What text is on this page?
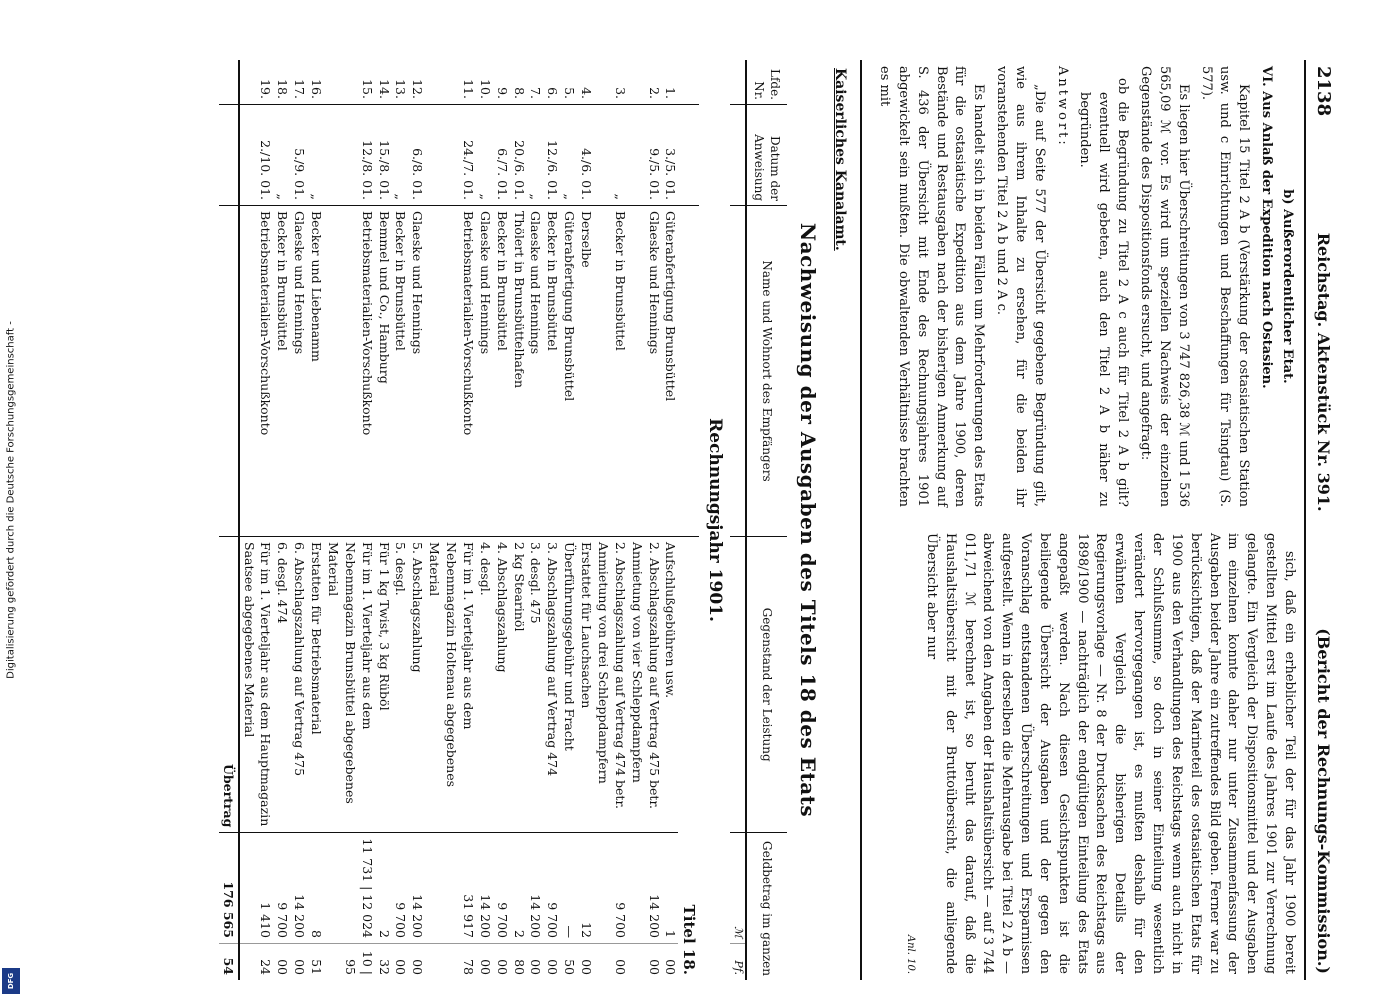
Digitalisierung gefördert durch die Deutsche Forschungsgemeinschaft -
DFG
2138
Reichstag. Aktenstück Nr. 391.
(Bericht der Rechnungs-Kommission.)
b) Außerordentlicher Etat.

VI. Aus Anlaß der Expedition nach Ostasien.

Kapitel 15 Titel 2 A b (Verstärkung der ostasiatischen Station usw. und c Einrichtungen und Beschaffungen für Tsingtau) (S. 577).

Es liegen hier Überschreitungen von 3 747 826,38 ℳ und 1 536 565,09 ℳ vor. Es wird um speziellen Nachweis der einzelnen Gegenstände des Dispositionsfonds ersucht, und angefragt:

ob die Begründung zu Titel 2 A c auch für Titel 2 A b gilt? eventuell wird gebeten, auch den Titel 2 A b näher zu begründen.

Antwort:

„Die auf Seite 577 der Übersicht gegebene Begründung gilt, wie aus ihrem Inhalte zu ersehen, für die beiden ihr voranstehenden Titel 2 A b und 2 A c.

Es handelt sich in beiden Fällen um Mehrforderungen des Etats für die ostasiatische Expedition aus dem Jahre 1900, deren Bestände und Restausgaben nach der bisherigen Anmerkung auf S. 436 der Übersicht mit Ende des Rechnungsjahres 1901 abgewickelt sein mußten. Die obwaltenden Verhältnisse brachten es mit

sich, daß ein erheblicher Teil der für das Jahr 1900 bereit gestellten Mittel erst im Laufe des Jahres 1901 zur Verrechnung gelangte. Ein Vergleich der Dispositionsmittel und der Ausgaben im einzelnen konnte daher nur unter Zusammenfassung der Ausgaben beider Jahre ein zutreffendes Bild geben. Ferner war zu berücksichtigen, daß der Marineteil des ostasiatischen Etats für 1900 aus den Verhandlungen des Reichstags wenn auch nicht in der Schlußsumme, so doch in seiner Einteilung wesentlich verändert hervorgegangen ist, es mußten deshalb für den erwähnten Vergleich die bisherigen Detaills der Regierungsvorlage — Nr. 8 der Drucksachen des Reichstags aus 1898/1900 — nachträglich der endgültigen Einteilung des Etats angepaßt werden. Nach diesen Gesichtspunkten ist die beiliegende Übersicht der Ausgaben und der gegen den Voranschlag entstandenen Überschreitungen und Ersparnissen aufgestellt. Wenn in derselben die Mehrausgabe bei Titel 2 A b — abweichend von den Angaben der Haushaltsübersicht — auf 3 744 011,71 ℳ berechnet ist, so beruht das darauf, daß die Haushaltsübersicht mit der Bruttoübersicht, die anliegende Übersicht aber nur

Anl. 10.
Kaiserliches Kanalamt.
Nachweisung der Ausgaben des Titels 18 des Etats
Lfde. Nr.	Datum der Anweisung	Name und Wohnort des Empfängers	Gegenstand der Leistung	Geldbetrag im ganzen	
				ℳ	Pf.
Rechnungsjahr 1901.					
			Titel 18.		
1.	3./5. 01.	Güterabfertigung Brunsbüttel	Aufschlußgebühren usw.	1	00
2.	9./5. 01.	Glaeske und Hennings	2. Abschlagszahlung auf Vertrag 475 betr. Anmietung von vier Schleppdampfern	14 200	00
3.	„	Becker in Brunsbüttel	2. Abschlagszahlung auf Vertrag 474 betr. Anmietung von drei Schleppdampfern	9 700	00
4.	4./6. 01.	Derselbe	Erstattet für Lauchsachen	12	00
5.	„	Güterabfertigung Brunsbüttel	Überführungsgebühr und Fracht	—	50
6.	12./6. 01.	Becker in Brunsbüttel	3. Abschlagszahlung auf Vertrag 474	9 700	00
7.	„	Glaeske und Hennings	3. desgl. 475	14 200	00
8.	20./6. 01.	Thölert in Brunsbüttelhafen	2 kg Stearinöl	2	80
9.	6./7. 01.	Becker in Brunsbüttel	4. Abschlagszahlung	9 700	00
10.	„	Glaeske und Hennings	4. desgl.	14 200	00
11.	24./7. 01.	Betriebsmaterialien-Vorschußkonto	Für im 1. Vierteljahr aus dem Nebenmagazin Holtenau abgegebenes Material	31 917	78
12.	6./8. 01.	Glaeske und Hennings	5. Abschlagszahlung	14 200	00
13.	„	Becker in Brunsbüttel	5. desgl.	9 700	00
14.	15./8. 01.	Bemmel und Co., Hamburg	Für 1 kg Twist, 3 kg Rüböl	2	32
15.	12./8. 01.	Betriebsmaterialien-Vorschußkonto	Für im 1. Vierteljahr aus dem Nebenmagazin Brunsbüttel abgegebenes Material	11 731 | 12 024	10 | 95
16.	„	Becker und Liebenamm	Erstatten für Betriebsmaterial	8	51
17.	5./9. 01.	Glaeske und Hennings	6. Abschlagszahlung auf Vertrag 475	14 200	00
18.	„	Becker in Brunsbüttel	6. desgl. 474	9 700	00
19.	2./10. 01.	Betriebsmaterialien-Vorschußkonto	Für im 1. Vierteljahr aus dem Hauptmagazin Saatsee abgegebenes Material	1 410	24
			Übertrag	176 565	54
